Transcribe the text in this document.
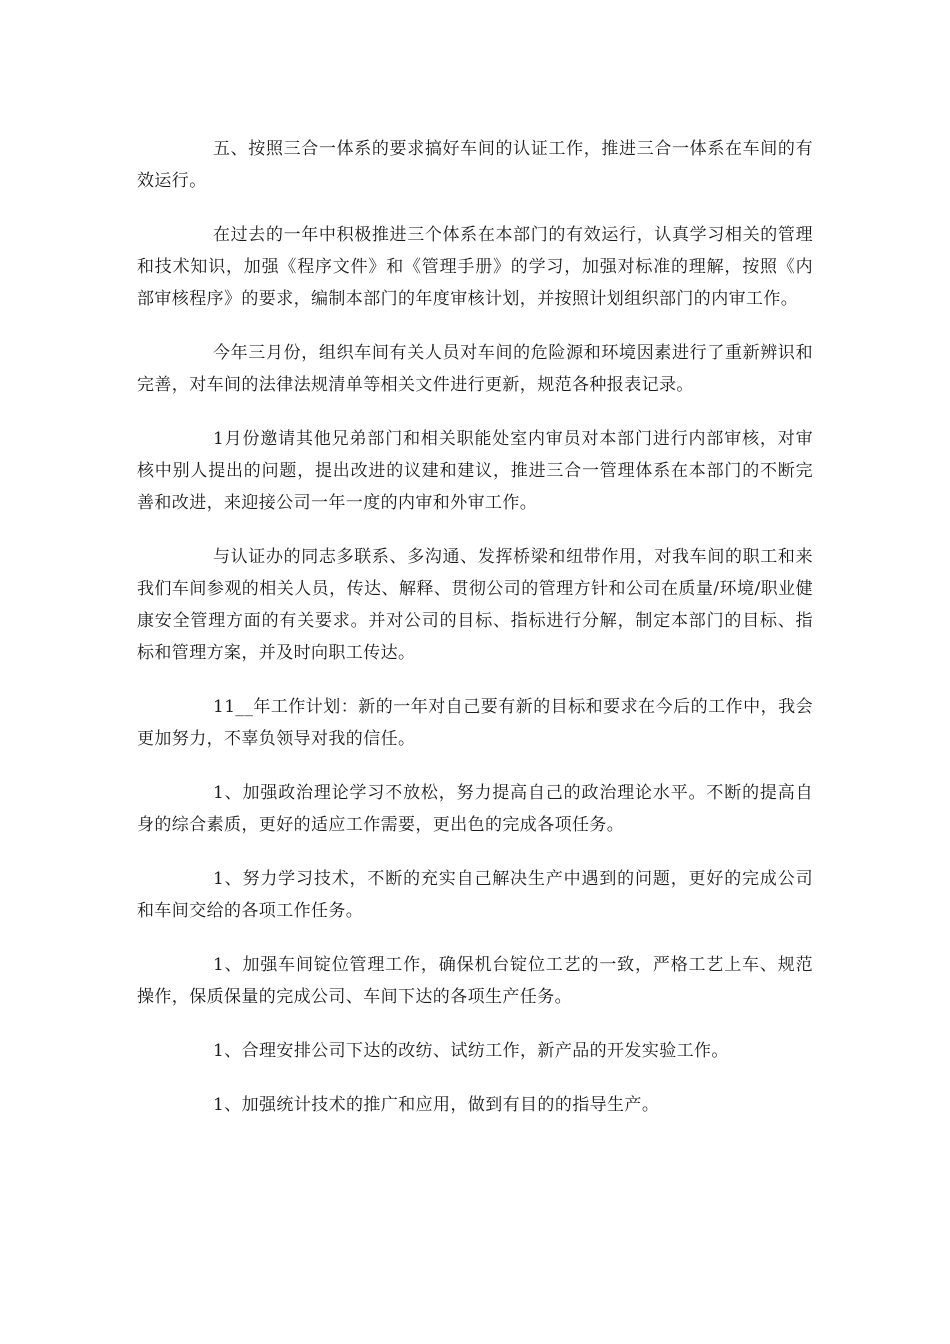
五、按照三合一体系的要求搞好车间的认证工作，推进三合一体系在车间的有效运行。

在过去的一年中积极推进三个体系在本部门的有效运行，认真学习相关的管理和技术知识，加强《程序文件》和《管理手册》的学习，加强对标准的理解，按照《内部审核程序》的要求，编制本部门的年度审核计划，并按照计划组织部门的内审工作。

今年三月份，组织车间有关人员对车间的危险源和环境因素进行了重新辨识和完善，对车间的法律法规清单等相关文件进行更新，规范各种报表记录。

1月份邀请其他兄弟部门和相关职能处室内审员对本部门进行内部审核，对审核中别人提出的问题，提出改进的议建和建议，推进三合一管理体系在本部门的不断完善和改进，来迎接公司一年一度的内审和外审工作。

与认证办的同志多联系、多沟通、发挥桥梁和纽带作用，对我车间的职工和来我们车间参观的相关人员，传达、解释、贯彻公司的管理方针和公司在质量/环境/职业健康安全管理方面的有关要求。并对公司的目标、指标进行分解，制定本部门的目标、指标和管理方案，并及时向职工传达。

11__年工作计划：新的一年对自己要有新的目标和要求在今后的工作中，我会更加努力，不辜负领导对我的信任。

1、加强政治理论学习不放松，努力提高自己的政治理论水平。不断的提高自身的综合素质，更好的适应工作需要，更出色的完成各项任务。

1、努力学习技术，不断的充实自己解决生产中遇到的问题，更好的完成公司和车间交给的各项工作任务。

1、加强车间锭位管理工作，确保机台锭位工艺的一致，严格工艺上车、规范操作，保质保量的完成公司、车间下达的各项生产任务。

1、合理安排公司下达的改纺、试纺工作，新产品的开发实验工作。

1、加强统计技术的推广和应用，做到有目的的指导生产。
